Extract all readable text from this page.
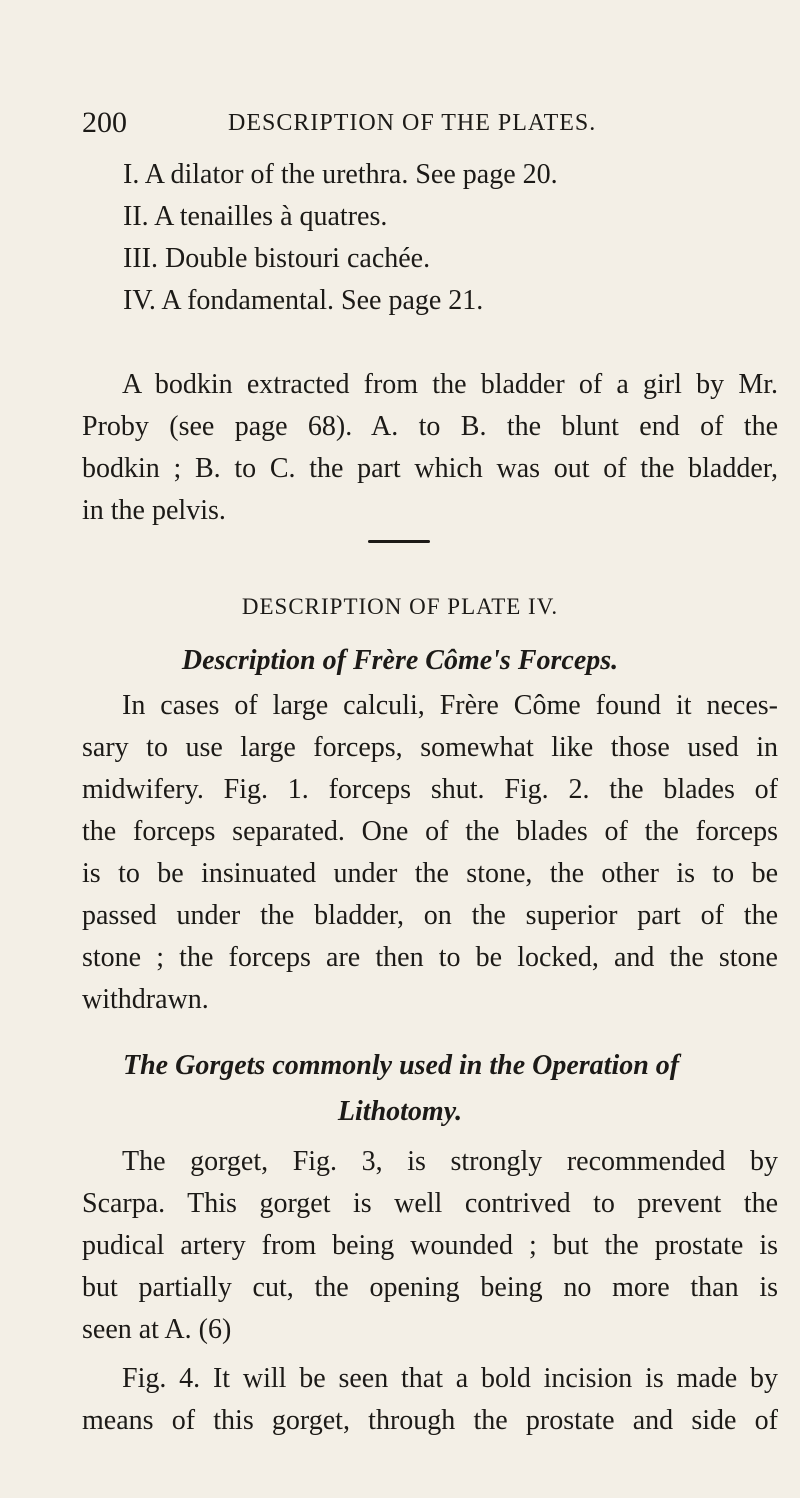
200	DESCRIPTION OF THE PLATES.
I. A dilator of the urethra. See page 20.
II. A tenailles à quatres.
III. Double bistouri cachée.
IV. A fondamental. See page 21.
A bodkin extracted from the bladder of a girl by Mr.
Proby (see page 68). A. to B. the blunt end of the
bodkin ; B. to C. the part which was out of the bladder,
in the pelvis.
DESCRIPTION OF PLATE IV.
Description of Frère Côme's Forceps.
In cases of large calculi, Frère Côme found it neces-
sary to use large forceps, somewhat like those used in
midwifery. Fig. 1. forceps shut. Fig. 2. the blades of
the forceps separated. One of the blades of the forceps
is to be insinuated under the stone, the other is to be
passed under the bladder, on the superior part of the
stone ; the forceps are then to be locked, and the stone
withdrawn.
The Gorgets commonly used in the Operation of
Lithotomy.
The gorget, Fig. 3, is strongly recommended by
Scarpa. This gorget is well contrived to prevent the
pudical artery from being wounded ; but the prostate is
but partially cut, the opening being no more than is
seen at A. (6)
Fig. 4. It will be seen that a bold incision is made by
means of this gorget, through the prostate and side of
